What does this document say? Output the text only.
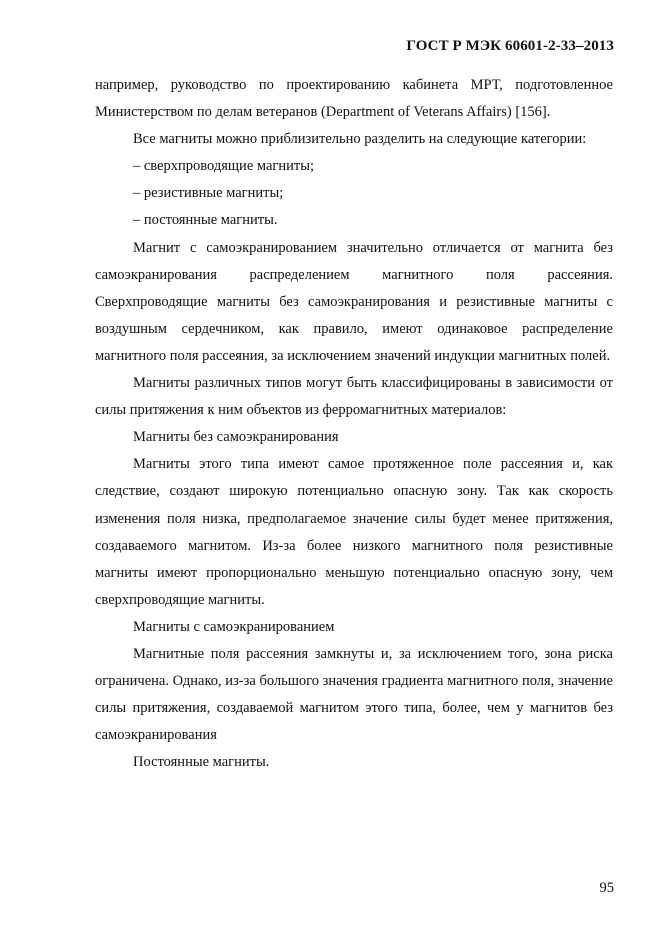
ГОСТ Р МЭК 60601-2-33–2013

например, руководство по проектированию кабинета МРТ, подготовленное Министерством по делам ветеранов (Department of Veterans Affairs) [156].

Все магниты можно приблизительно разделить на следующие категории:

– сверхпроводящие магниты;

– резистивные магниты;

– постоянные магниты.

Магнит с самоэкранированием значительно отличается от магнита без самоэкранирования распределением магнитного поля рассеяния. Сверхпроводящие магниты без самоэкранирования и резистивные магниты с воздушным сердечником, как правило, имеют одинаковое распределение магнитного поля рассеяния, за исключением значений индукции магнитных полей.

Магниты различных типов могут быть классифицированы в зависимости от силы притяжения к ним объектов из ферромагнитных материалов:

Магниты без самоэкранирования

Магниты этого типа имеют самое протяженное поле рассеяния и, как следствие, создают широкую потенциально опасную зону. Так как скорость изменения поля низка, предполагаемое значение силы будет менее притяжения, создаваемого магнитом. Из-за более низкого магнитного поля резистивные магниты имеют пропорционально меньшую потенциально опасную зону, чем сверхпроводящие магниты.

Магниты с самоэкранированием

Магнитные поля рассеяния замкнуты и, за исключением того, зона риска ограничена. Однако, из-за большого значения градиента магнитного поля, значение силы притяжения, создаваемой магнитом этого типа, более, чем у магнитов без самоэкранирования

Постоянные магниты.

95
